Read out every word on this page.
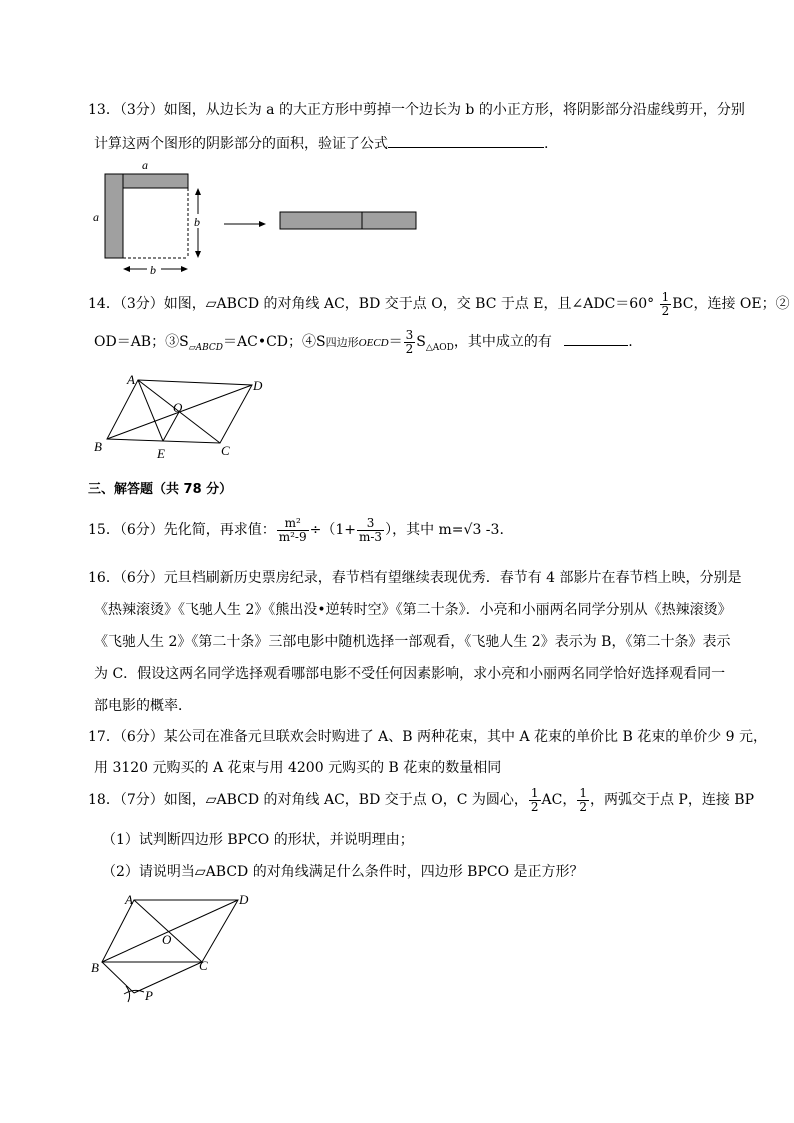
13．（3分）如图，从边长为 a 的大正方形中剪掉一个边长为 b 的小正方形，将阴影部分沿虚线剪开，分别
计算这两个图形的阴影部分的面积，验证了公式	.
a
a	b
b
14．（3分）如图，▱ABCD 的对角线 AC，BD 交于点 O，交 BC 于点 E，且∠ADC＝60° $\frac{1}{2}$ BC，连接 OE；②
OD＝AB；$③S_{▱ABCD}=AC•CD$；④S四边形OECD＝ $\frac{3}{2} S_{\triangle AOD}$，其中成立的有	.
A	D
O
B	C
E
三、解答题（共 78 分）
15．（6分）先化简，再求值： $\frac{\text{m²}}{\text{m²-9}} \div(1+ \frac{3}{m-3}$ ），其中 m=√3 -3.
16．（6分）元旦档刷新历史票房纪录，春节档有望继续表现优秀．春节有 4 部影片在春节档上映，分别是
《热辣滚烫》《飞驰人生 2》《熊出没•逆转时空》《第二十条》．小亮和小丽两名同学分别从《热辣滚烫》
《飞驰人生 2》《第二十条》三部电影中随机选择一部观看，《飞驰人生 2》表示为 B，《第二十条》表示
为 C．假设这两名同学选择观看哪部电影不受任何因素影响，求小亮和小丽两名同学恰好选择观看同一
部电影的概率．
17．（6分）某公司在准备元旦联欢会时购进了 A、B 两种花束，其中 A 花束的单价比 B 花束的单价少 9 元，
用 3120 元购买的 A 花束与用 4200 元购买的 B 花束的数量相同
18．（7分）如图，▱ABCD 的对角线 AC，BD 交于点 O，C 为圆心， $\frac{1}{2}$ AC， $\frac{1}{2}$ ，两弧交于点 P，连接 BP
（1）试判断四边形 BPCO 的形状，并说明理由；
（2）请说明当▱ABCD 的对角线满足什么条件时，四边形 BPCO 是正方形？
A	D
O
B	C
P
